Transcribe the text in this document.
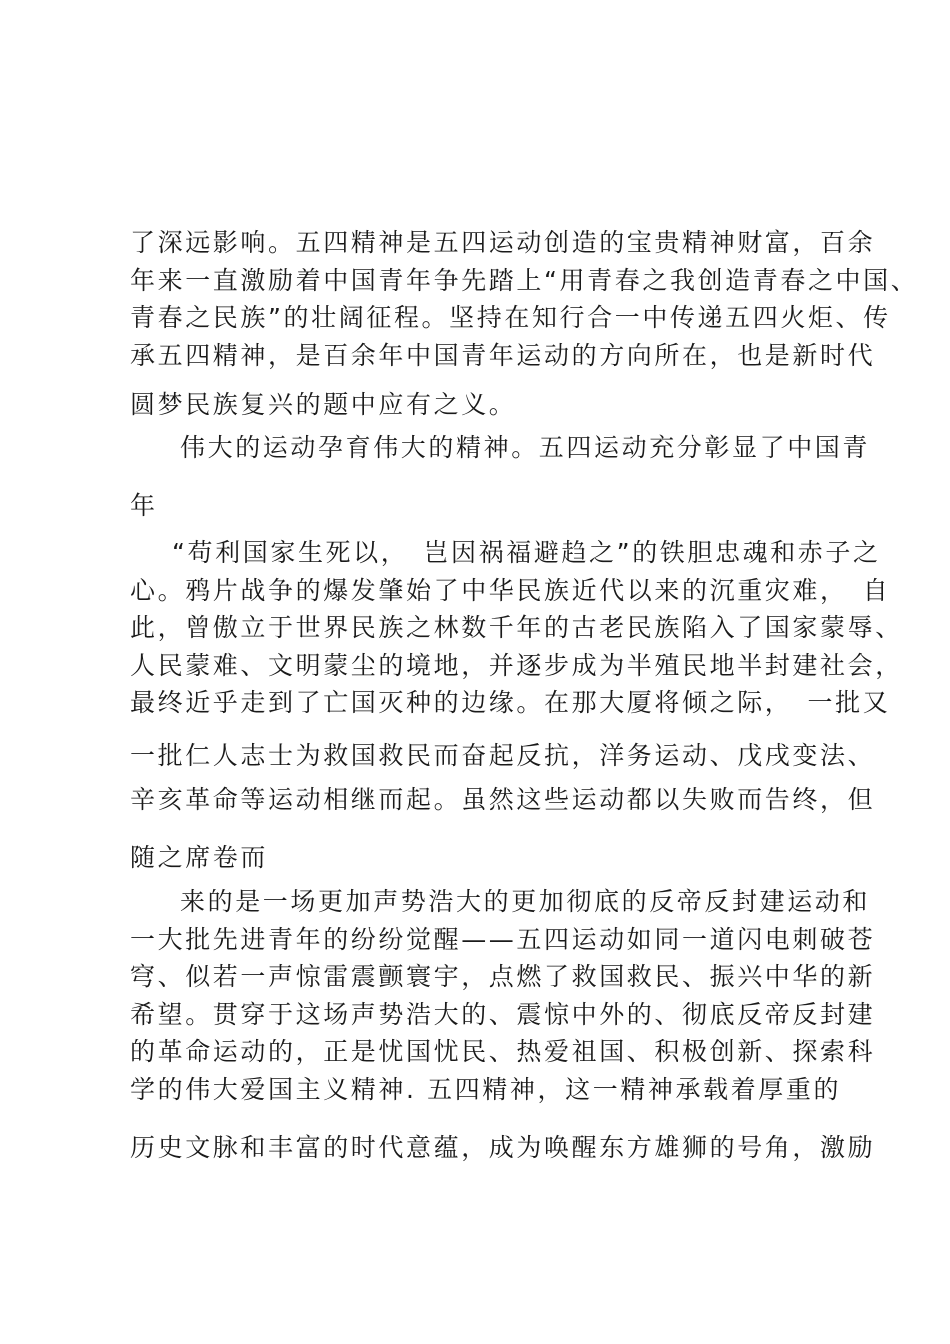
了深远影响。五四精神是五四运动创造的宝贵精神财富，百余
年来一直激励着中国青年争先踏上“用青春之我创造青春之中国、
青春之民族”的壮阔征程。坚持在知行合一中传递五四火炬、传
承五四精神，是百余年中国青年运动的方向所在，也是新时代
圆梦民族复兴的题中应有之义。
伟大的运动孕育伟大的精神。五四运动充分彰显了中国青
年
“苟利国家生死以，　岂因祸福避趋之”的铁胆忠魂和赤子之
心。鸦片战争的爆发肇始了中华民族近代以来的沉重灾难，　自
此，曾傲立于世界民族之林数千年的古老民族陷入了国家蒙辱、
人民蒙难、文明蒙尘的境地，并逐步成为半殖民地半封建社会，
最终近乎走到了亡国灭种的边缘。在那大厦将倾之际，　一批又
一批仁人志士为救国救民而奋起反抗，洋务运动、戊戌变法、
辛亥革命等运动相继而起。虽然这些运动都以失败而告终，但
随之席卷而
来的是一场更加声势浩大的更加彻底的反帝反封建运动和
一大批先进青年的纷纷觉醒——五四运动如同一道闪电刺破苍
穹、似若一声惊雷震颤寰宇，点燃了救国救民、振兴中华的新
希望。贯穿于这场声势浩大的、震惊中外的、彻底反帝反封建
的革命运动的，正是忧国忧民、热爱祖国、积极创新、探索科
学的伟大爱国主义精神. 五四精神，这一精神承载着厚重的
历史文脉和丰富的时代意蕴，成为唤醒东方雄狮的号角，激励
